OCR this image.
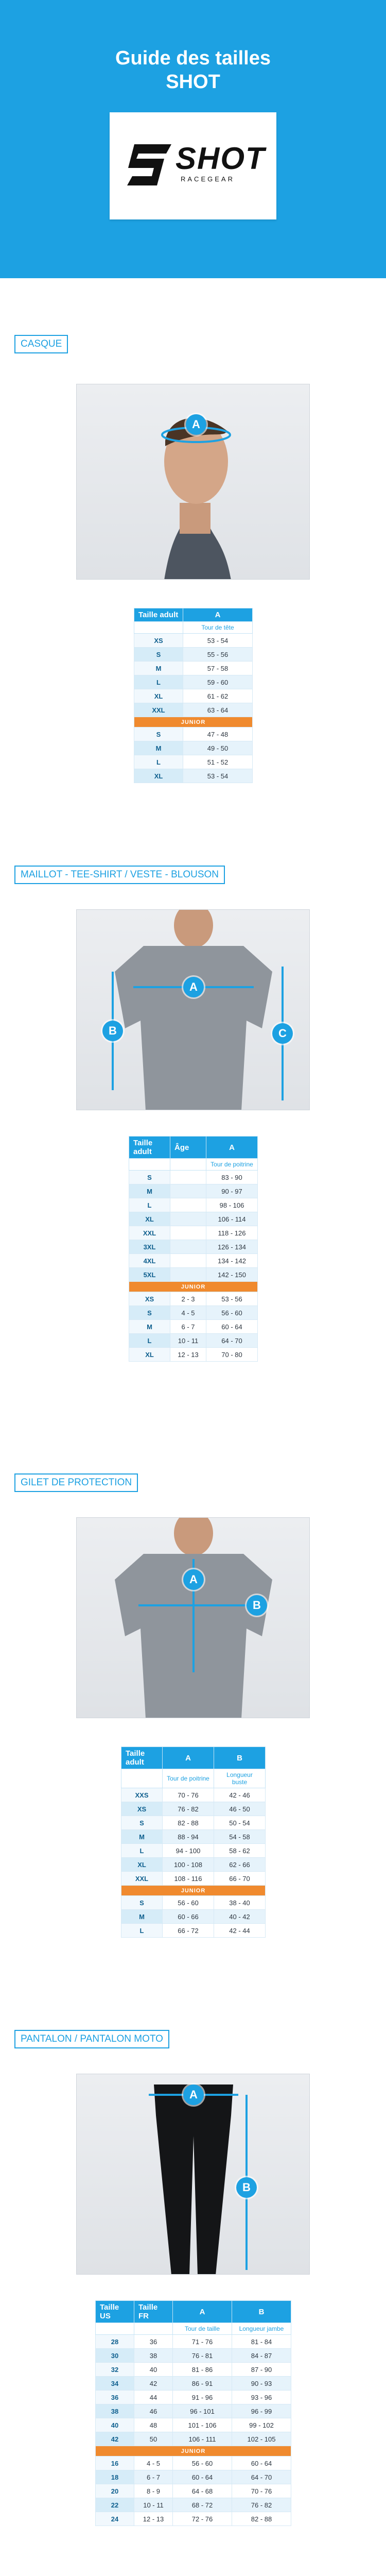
Guide des tailles
SHOT
SHOT
RACEGEAR
CASQUE
A
Taille adult	A
	Tour de tête
XS	53 - 54
S	55 - 56
M	57 - 58
L	59 - 60
XL	61 - 62
XXL	63 - 64
JUNIOR	
S	47 - 48
M	49 - 50
L	51 - 52
XL	53 - 54
MAILLOT - TEE-SHIRT / VESTE - BLOUSON
A
B	C
Taille adult	Âge	A
		Tour de poitrine
S		83 - 90
M		90 - 97
L		98 - 106
XL		106 - 114
XXL		118 - 126
3XL		126 - 134
4XL		134 - 142
5XL		142 - 150
JUNIOR		
XS	2 - 3	53 - 56
S	4 - 5	56 - 60
M	6 - 7	60 - 64
L	10 - 11	64 - 70
XL	12 - 13	70 - 80
GILET DE PROTECTION
A
B
Taille adult	A	B
	Tour de poitrine	Longueur buste
XXS	70 - 76	42 - 46
XS	76 - 82	46 - 50
S	82 - 88	50 - 54
M	88 - 94	54 - 58
L	94 - 100	58 - 62
XL	100 - 108	62 - 66
XXL	108 - 116	66 - 70
JUNIOR		
S	56 - 60	38 - 40
M	60 - 66	40 - 42
L	66 - 72	42 - 44
PANTALON / PANTALON MOTO
A
B
Taille US	Taille FR	A	B
		Tour de taille	Longueur jambe
28	36	71 - 76	81 - 84
30	38	76 - 81	84 - 87
32	40	81 - 86	87 - 90
34	42	86 - 91	90 - 93
36	44	91 - 96	93 - 96
38	46	96 - 101	96 - 99
40	48	101 - 106	99 - 102
42	50	106 - 111	102 - 105
JUNIOR			
16	4 - 5	56 - 60	60 - 64
18	6 - 7	60 - 64	64 - 70
20	8 - 9	64 - 68	70 - 76
22	10 - 11	68 - 72	76 - 82
24	12 - 13	72 - 76	82 - 88
